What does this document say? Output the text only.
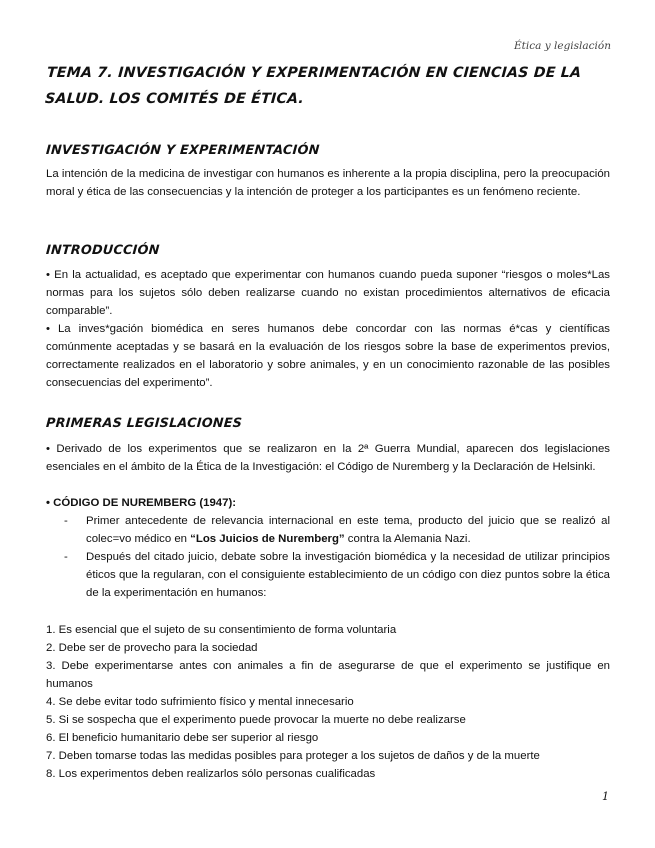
Ética y legislación
TEMA 7. INVESTIGACIÓN Y EXPERIMENTACIÓN EN CIENCIAS DE LA SALUD. LOS COMITÉS DE ÉTICA.
INVESTIGACIÓN Y EXPERIMENTACIÓN

La intención de la medicina de investigar con humanos es inherente a la propia disciplina, pero la preocupación moral y ética de las consecuencias y la intención de proteger a los participantes es un fenómeno reciente.

INTRODUCCIÓN

• En la actualidad, es aceptado que experimentar con humanos cuando pueda suponer “riesgos o moles*Las normas para los sujetos sólo deben realizarse cuando no existan procedimientos alternativos de eficacia comparable”.

• La inves*gación biomédica en seres humanos debe concordar con las normas é*cas y científicas comúnmente aceptadas y se basará en la evaluación de los riesgos sobre la base de experimentos previos, correctamente realizados en el laboratorio y sobre animales, y en un conocimiento razonable de las posibles consecuencias del experimento”.

PRIMERAS LEGISLACIONES

• Derivado de los experimentos que se realizaron en la 2ª Guerra Mundial, aparecen dos legislaciones esenciales en el ámbito de la Ética de la Investigación: el Código de Nuremberg y la Declaración de Helsinki.

• CÓDIGO DE NUREMBERG (1947):

- Primer antecedente de relevancia internacional en este tema, producto del juicio que se realizó al colec=vo médico en “Los Juicios de Nuremberg” contra la Alemania Nazi.
- Después del citado juicio, debate sobre la investigación biomédica y la necesidad de utilizar principios éticos que la regularan, con el consiguiente establecimiento de un código con diez puntos sobre la ética de la experimentación en humanos:

1. Es esencial que el sujeto de su consentimiento de forma voluntaria

2. Debe ser de provecho para la sociedad

3. Debe experimentarse antes con animales a fin de asegurarse de que el experimento se justifique en humanos

4. Se debe evitar todo sufrimiento físico y mental innecesario

5. Si se sospecha que el experimento puede provocar la muerte no debe realizarse

6. El beneficio humanitario debe ser superior al riesgo

7. Deben tomarse todas las medidas posibles para proteger a los sujetos de daños y de la muerte

8. Los experimentos deben realizarlos sólo personas cualificadas

1
